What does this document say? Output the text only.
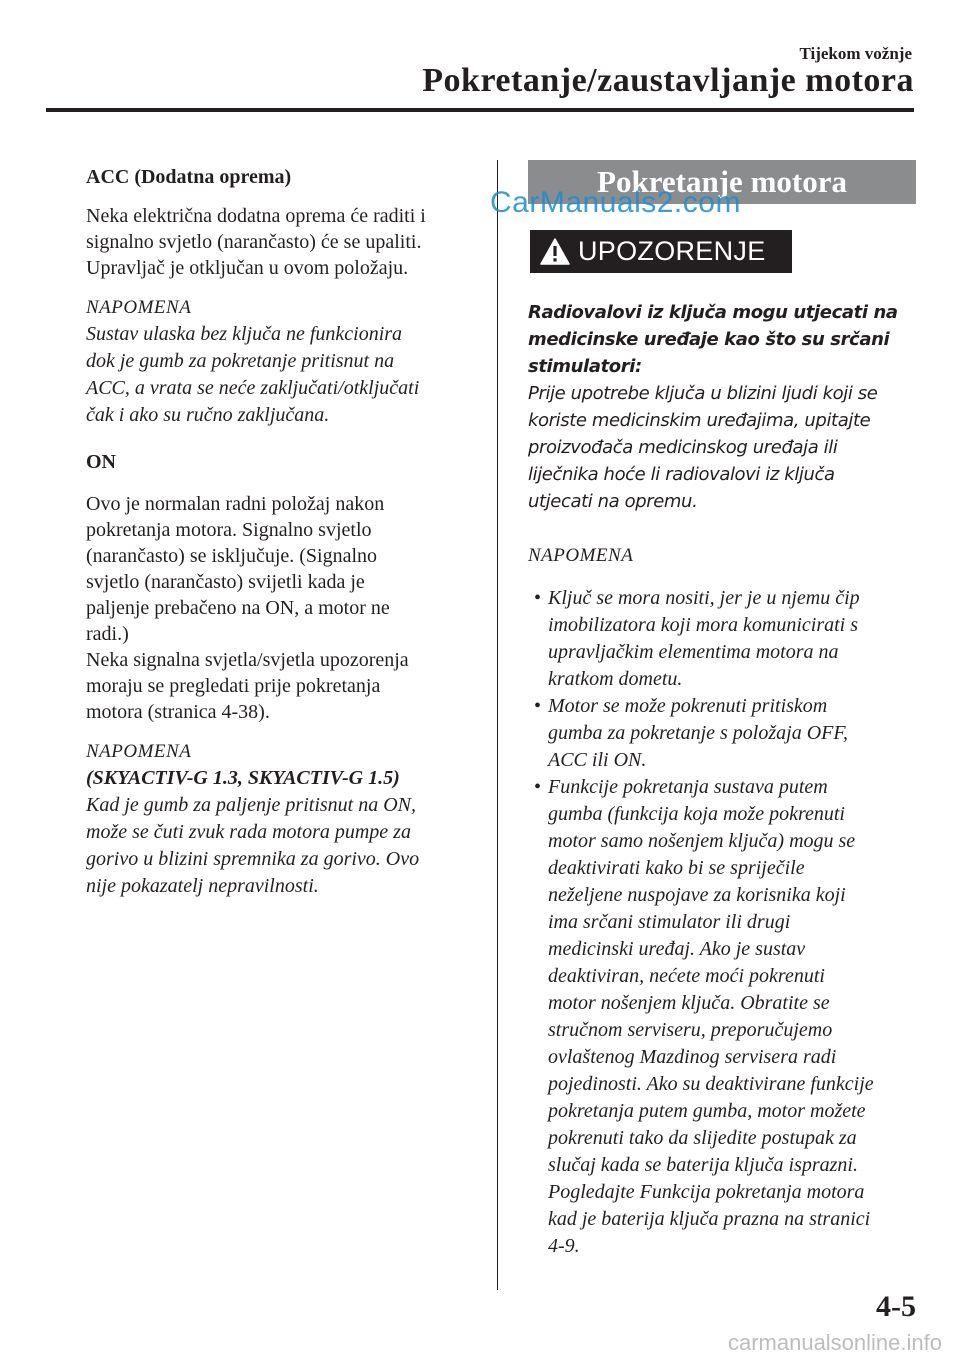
Tijekom vožnje
Pokretanje/zaustavljanje motora

ACC (Dodatna oprema)

Neka električna dodatna oprema će raditi i

signalno svjetlo (narančasto) će se upaliti.

Upravljač je otključan u ovom položaju.

NAPOMENA

Sustav ulaska bez ključa ne funkcionira

dok je gumb za pokretanje pritisnut na

ACC, a vrata se neće zaključati/otključati

čak i ako su ručno zaključana.

ON

Ovo je normalan radni položaj nakon

pokretanja motora. Signalno svjetlo

(narančasto) se isključuje. (Signalno

svjetlo (narančasto) svijetli kada je

paljenje prebačeno na ON, a motor ne

radi.)

Neka signalna svjetla/svjetla upozorenja

moraju se pregledati prije pokretanja

motora (stranica 4-38).

NAPOMENA

(SKYACTIV-G 1.3, SKYACTIV-G 1.5)

Kad je gumb za paljenje pritisnut na ON,

može se čuti zvuk rada motora pumpe za

gorivo u blizini spremnika za gorivo. Ovo

nije pokazatelj nepravilnosti.

Pokretanje motora
UPOZORENJE

Radiovalovi iz ključa mogu utjecati na

medicinske uređaje kao što su srčani

stimulatori:

Prije upotrebe ključa u blizini ljudi koji se

koriste medicinskim uređajima, upitajte

proizvođača medicinskog uređaja ili

liječnika hoće li radiovalovi iz ključa

utjecati na opremu.

NAPOMENA

• Ključ se mora nositi, jer je u njemu čip
imobilizatora koji mora komunicirati s
upravljačkim elementima motora na
kratkom dometu.
• Motor se može pokrenuti pritiskom
gumba za pokretanje s položaja OFF,
ACC ili ON.
• Funkcije pokretanja sustava putem
gumba (funkcija koja može pokrenuti
motor samo nošenjem ključa) mogu se
deaktivirati kako bi se spriječile
neželjene nuspojave za korisnika koji
ima srčani stimulator ili drugi
medicinski uređaj. Ako je sustav
deaktiviran, nećete moći pokrenuti
motor nošenjem ključa. Obratite se
stručnom serviseru, preporučujemo
ovlaštenog Mazdinog servisera radi
pojedinosti. Ako su deaktivirane funkcije
pokretanja putem gumba, motor možete
pokrenuti tako da slijedite postupak za
slučaj kada se baterija ključa isprazni.
Pogledajte Funkcija pokretanja motora
kad je baterija ključa prazna na stranici
4-9.
CarManuals2.com
4-5
carmanualsonline.info
